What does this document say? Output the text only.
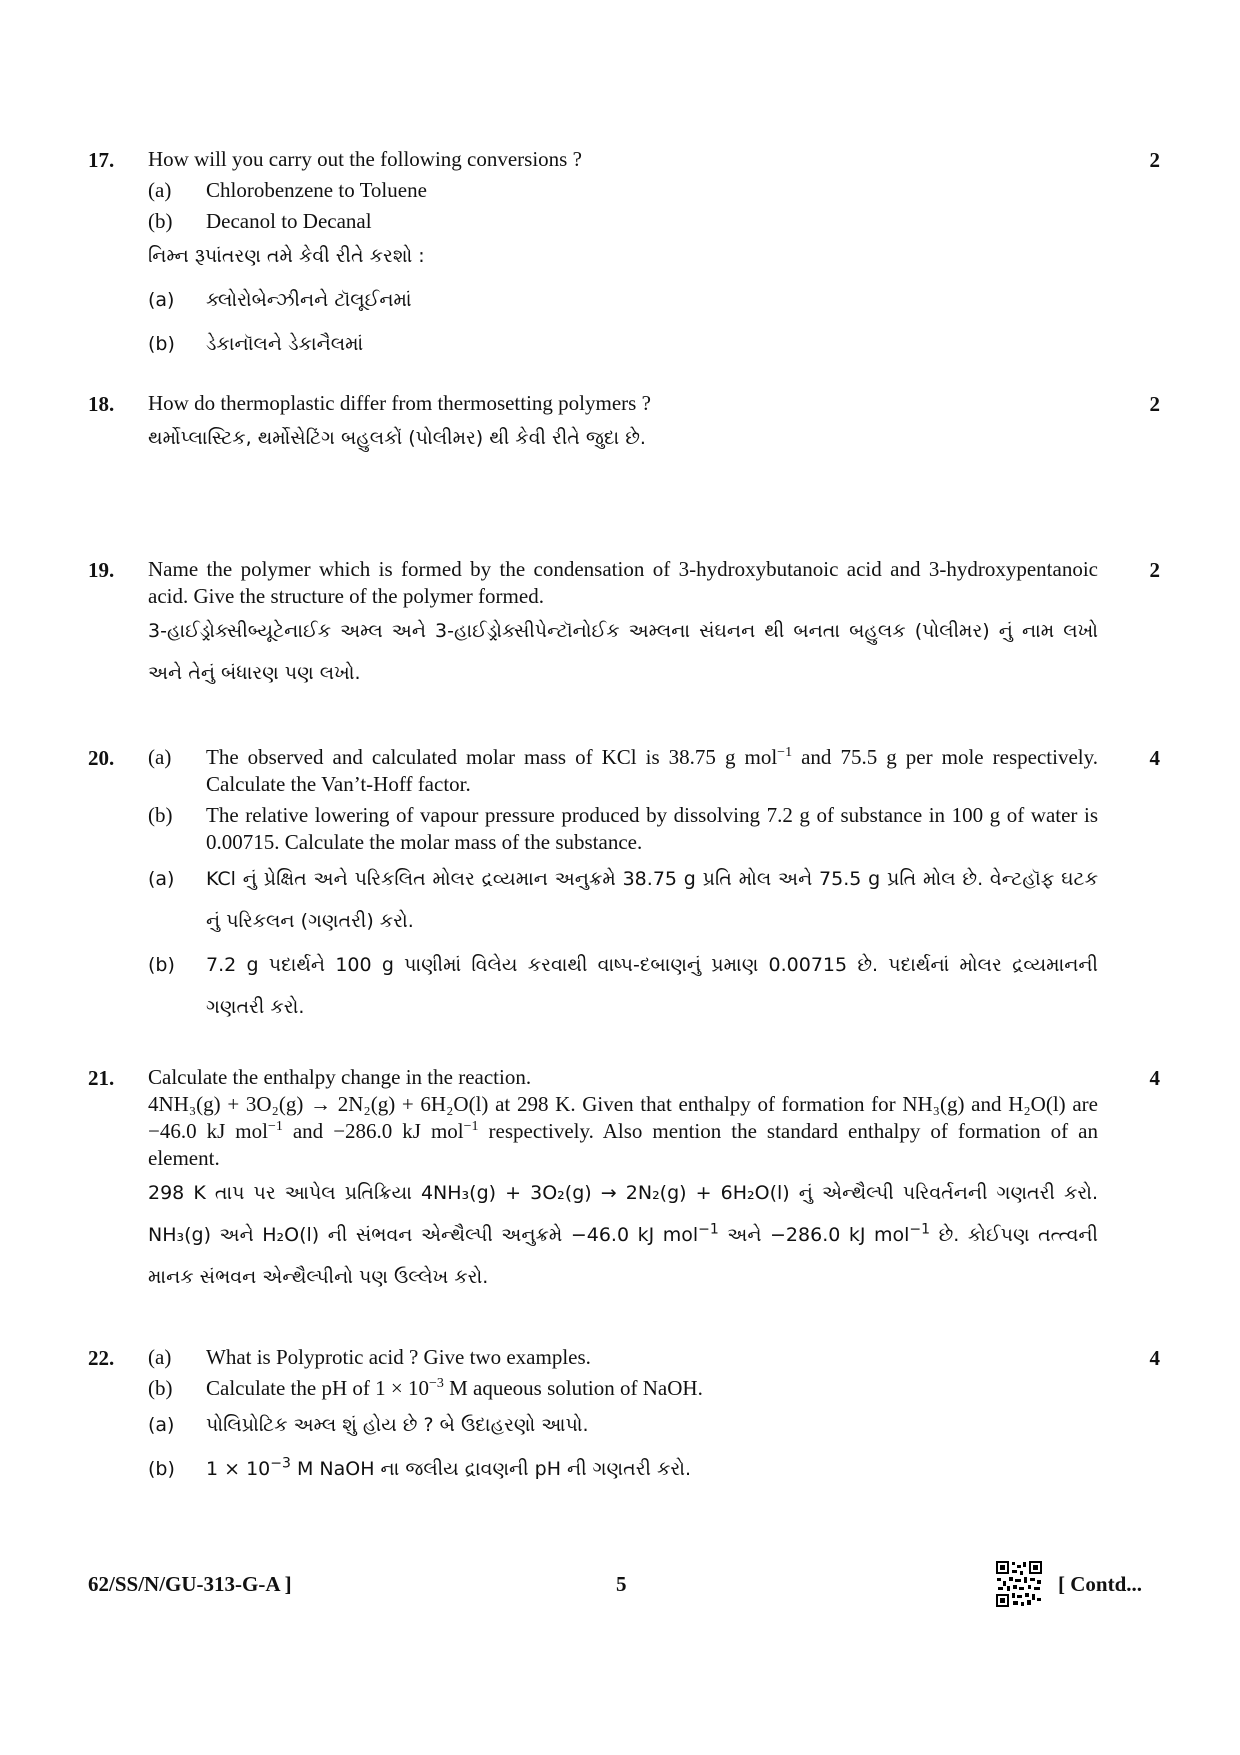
17.	How will you carry out the following conversions ?
(a)	Chlorobenzene to Toluene
(b)	Decanol to Decanal
નિમ્ન રૂપાંતરણ તમે કેવી રીતે કરશો :
(a)	ક્લોરોબેન્ઝીનને ટૉલૂઈનમાં
(b)	ડેકાનૉલને ડેકાનૈલમાં
2
18.	How do thermoplastic differ from thermosetting polymers ?
થર્મોપ્લાસ્ટિક, થર્મોસેટિંગ બહુલકોં (પોલીમર) થી કેવી રીતે જુદા છે.
2
19.	Name the polymer which is formed by the condensation of 3-hydroxybutanoic acid and 3-hydroxypentanoic acid. Give the structure of the polymer formed.
3-હાઈડ્રોક્સીબ્યૂટેનાઈક અમ્લ અને 3-હાઈડ્રોક્સીપેન્ટૉનોઈક અમ્લના સંઘનન થી બનતા બહુલક (પોલીમર) નું નામ લખો અને તેનું બંધારણ પણ લખો.
2
20.	(a)	The observed and calculated molar mass of KCl is 38.75 g mol$^{-1}$ and 75.5 g per mole respectively. Calculate the Van’t-Hoff factor.
(b)	The relative lowering of vapour pressure produced by dissolving 7.2 g of substance in 100 g of water is 0.00715. Calculate the molar mass of the substance.
(a)	KCl નું પ્રેક્ષિત અને પરિકલિત મોલર દ્રવ્યમાન અનુક્રમે 38.75 g પ્રતિ મોલ અને 75.5 g પ્રતિ મોલ છે. વેન્ટહૉફ ઘટક નું પરિકલન (ગણતરી) કરો.
(b)	7.2 g પદાર્થને 100 g પાણીમાં વિલેય કરવાથી વાષ્પ-દબાણનું પ્રમાણ 0.00715 છે. પદાર્થનાં મોલર દ્રવ્યમાનની ગણતરી કરો.
4
21.	Calculate the enthalpy change in the reaction.
4NH₃(g) + 3O₂(g) → 2N₂(g) + 6H₂O(l) at 298 K. Given that enthalpy of formation for NH₃(g) and H₂O(l) are −46.0 kJ mol$^{-1}$ and −286.0 kJ mol$^{-1}$ respectively. Also mention the standard enthalpy of formation of an element.
298 K તાપ પર આપેલ પ્રતિક્રિયા 4NH₃(g) + 3O₂(g) → 2N₂(g) + 6H₂O(l) નું એન્થૈલ્પી પરિવર્તનની ગણતરી કરો. NH₃(g) અને H₂O(l) ની સંભવન એન્થૈલ્પી અનુક્રમે −46.0 kJ mol$^{-1}$ અને −286.0 kJ mol$^{-1}$ છે. કોઈપણ તત્ત્વની માનક સંભવન એન્થૈલ્પીનો પણ ઉલ્લેખ કરો.
4
22.	(a)	What is Polyprotic acid ? Give two examples.
(b)	Calculate the pH of $1 \times 10^{-3}$ M aqueous solution of NaOH.
(a)	પોલિપ્રોટિક અમ્લ શું હોય છે ? બે ઉદાહરણો આપો.
(b)	$1 \times 10^{-3}$ M NaOH ના જલીય દ્રાવણની pH ની ગણતરી કરો.
4
62/SS/N/GU-313-G-A ]	5	[ Contd...
